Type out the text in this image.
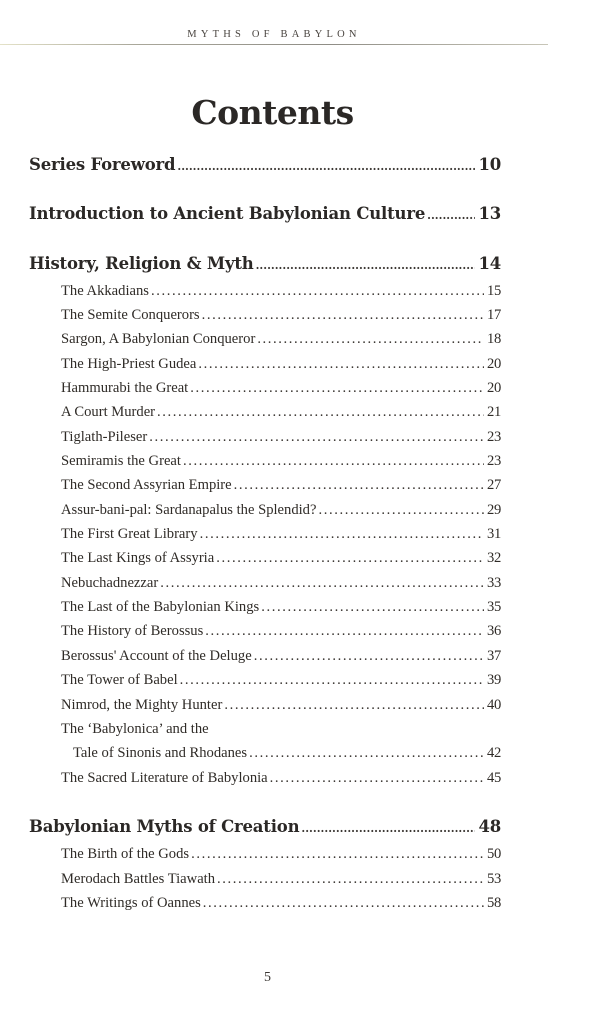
MYTHS OF BABYLON
Contents
Series Foreword .....	10
Introduction to Ancient Babylonian Culture .....	13
History, Religion & Myth .....	14
The Akkadians .....	15
The Semite Conquerors .....	17
Sargon, A Babylonian Conqueror .....	18
The High-Priest Gudea .....	20
Hammurabi the Great .....	20
A Court Murder .....	21
Tiglath-Pileser .....	23
Semiramis the Great .....	23
The Second Assyrian Empire .....	27
Assur-bani-pal: Sardanapalus the Splendid? .....	29
The First Great Library .....	31
The Last Kings of Assyria .....	32
Nebuchadnezzar .....	33
The Last of the Babylonian Kings .....	35
The History of Berossus .....	36
Berossus' Account of the Deluge .....	37
The Tower of Babel .....	39
Nimrod, the Mighty Hunter .....	40
The ‘Babylonica’ and the
Tale of Sinonis and Rhodanes .....	42
The Sacred Literature of Babylonia .....	45
Babylonian Myths of Creation .....	48
The Birth of the Gods .....	50
Merodach Battles Tiawath .....	53
The Writings of Oannes .....	58
5
